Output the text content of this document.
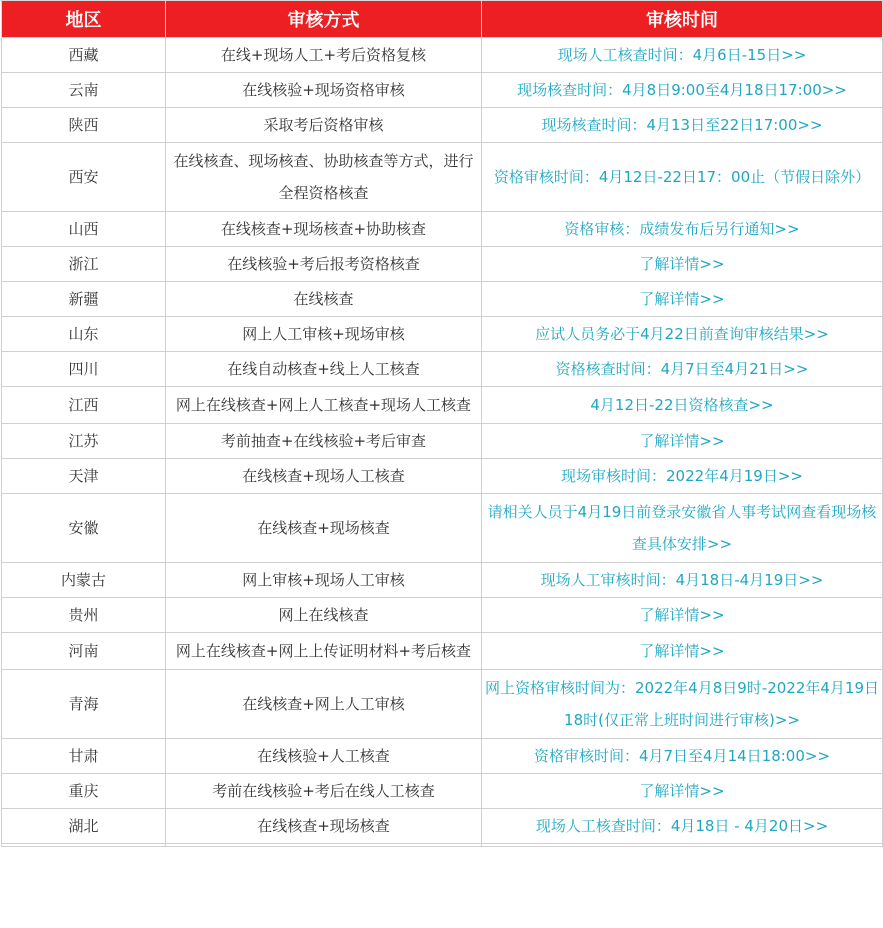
地区	审核方式	审核时间
西藏	在线+现场人工+考后资格复核	现场人工核查时间：4月6日-15日>>
云南	在线核验+现场资格审核	现场核查时间：4月8日9:00至4月18日17:00>>
陕西	采取考后资格审核	现场核查时间：4月13日至22日17:00>>
西安	在线核查、现场核查、协助核查等方式，进行全程资格核查	资格审核时间：4月12日-22日17：00止（节假日除外）
山西	在线核查+现场核查+协助核查	资格审核：成绩发布后另行通知>>
浙江	在线核验+考后报考资格核查	了解详情>>
新疆	在线核查	了解详情>>
山东	网上人工审核+现场审核	应试人员务必于4月22日前查询审核结果>>
四川	在线自动核查+线上人工核查	资格核查时间：4月7日至4月21日>>
江西	网上在线核查+网上人工核查+现场人工核查	4月12日-22日资格核查>>
江苏	考前抽查+在线核验+考后审查	了解详情>>
天津	在线核查+现场人工核查	现场审核时间：2022年4月19日>>
安徽	在线核查+现场核查	请相关人员于4月19日前登录安徽省人事考试网查看现场核查具体安排>>
内蒙古	网上审核+现场人工审核	现场人工审核时间：4月18日-4月19日>>
贵州	网上在线核查	了解详情>>
河南	网上在线核查+网上上传证明材料+考后核查	了解详情>>
青海	在线核查+网上人工审核	网上资格审核时间为：2022年4月8日9时-2022年4月19日18时(仅正常上班时间进行审核)>>
甘肃	在线核验+人工核查	资格审核时间：4月7日至4月14日18:00>>
重庆	考前在线核验+考后在线人工核查	了解详情>>
湖北	在线核查+现场核查	现场人工核查时间：4月18日 - 4月20日>>
